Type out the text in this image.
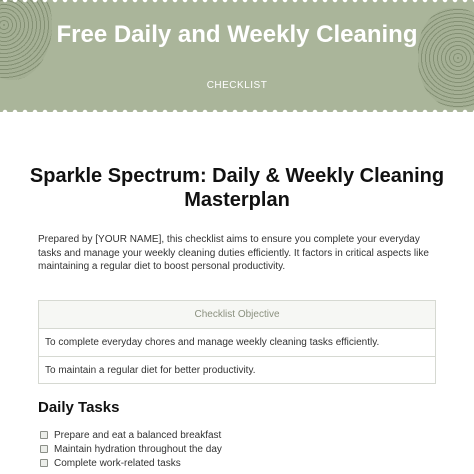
Free Daily and Weekly Cleaning
CHECKLIST
Sparkle Spectrum: Daily & Weekly Cleaning Masterplan

Prepared by [YOUR NAME], this checklist aims to ensure you complete your everyday tasks and manage your weekly cleaning duties efficiently. It factors in critical aspects like maintaining a regular diet to boost personal productivity.

Checklist Objective
To complete everyday chores and manage weekly cleaning tasks efficiently.
To maintain a regular diet for better productivity.
Daily Tasks
Prepare and eat a balanced breakfast
Maintain hydration throughout the day
Complete work-related tasks
